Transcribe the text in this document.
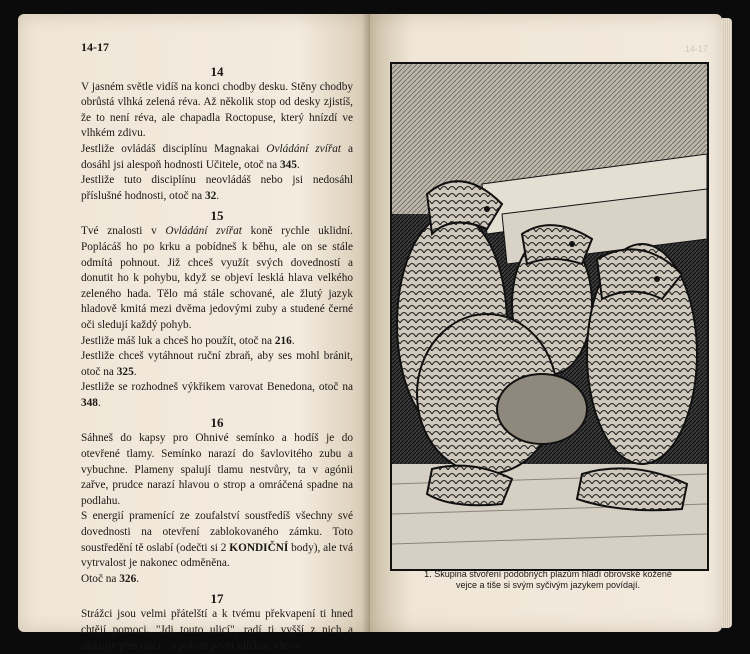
14-17

14

V jasném světle vidíš na konci chodby desku. Stěny chodby obrůstá vlhká zelená réva. Až několik stop od desky zjistíš, že to není réva, ale chapadla Roctopuse, který hnízdí ve vlhkém zdivu.

Jestliže ovládáš disciplínu Magnakai Ovládání zvířat a dosáhl jsi alespoň hodnosti Učitele, otoč na 345.

Jestliže tuto disciplínu neovládáš nebo jsi nedosáhl příslušné hodnosti, otoč na 32.

15

Tvé znalosti v Ovládání zvířat koně rychle uklidní. Poplácáš ho po krku a pobídneš k běhu, ale on se stále odmítá pohnout. Již chceš využít svých dovedností a donutit ho k pohybu, když se objeví lesklá hlava velkého zeleného hada. Tělo má stále schované, ale žlutý jazyk hladově kmitá mezi dvěma jedovými zuby a studené černé oči sledují každý pohyb.

Jestliže máš luk a chceš ho použít, otoč na 216.

Jestliže chceš vytáhnout ruční zbraň, aby ses mohl bránit, otoč na 325.

Jestliže se rozhodneš výkřikem varovat Benedona, otoč na 348.

16

Sáhneš do kapsy pro Ohnivé semínko a hodíš je do otevřené tlamy. Semínko narazí do šavlovitého zubu a vybuchne. Plameny spalují tlamu nestvůry, ta v agónii zařve, prudce narazí hlavou o strop a omráčená spadne na podlahu.

S energií pramenící ze zoufalství soustředíš všechny své dovednosti na otevření zablokovaného zámku. Toto soustředění tě oslabí (odečti si 2 KONDIČNÍ body), ale tvá vytrvalost je nakonec odměněna.

Otoč na 326.

17

Strážci jsou velmi přátelští a k tvému překvapení ti hned chtějí pomoci. "Jdi touto ulicí", radí ti vyšší z nich a ukazuje přes ulici, "a potom první uličkou vlevo.

14-17
1. Skupina stvoření podobných plazům hladí obrovské kožené
vejce a tiše si svým syčivým jazykem povídají.
